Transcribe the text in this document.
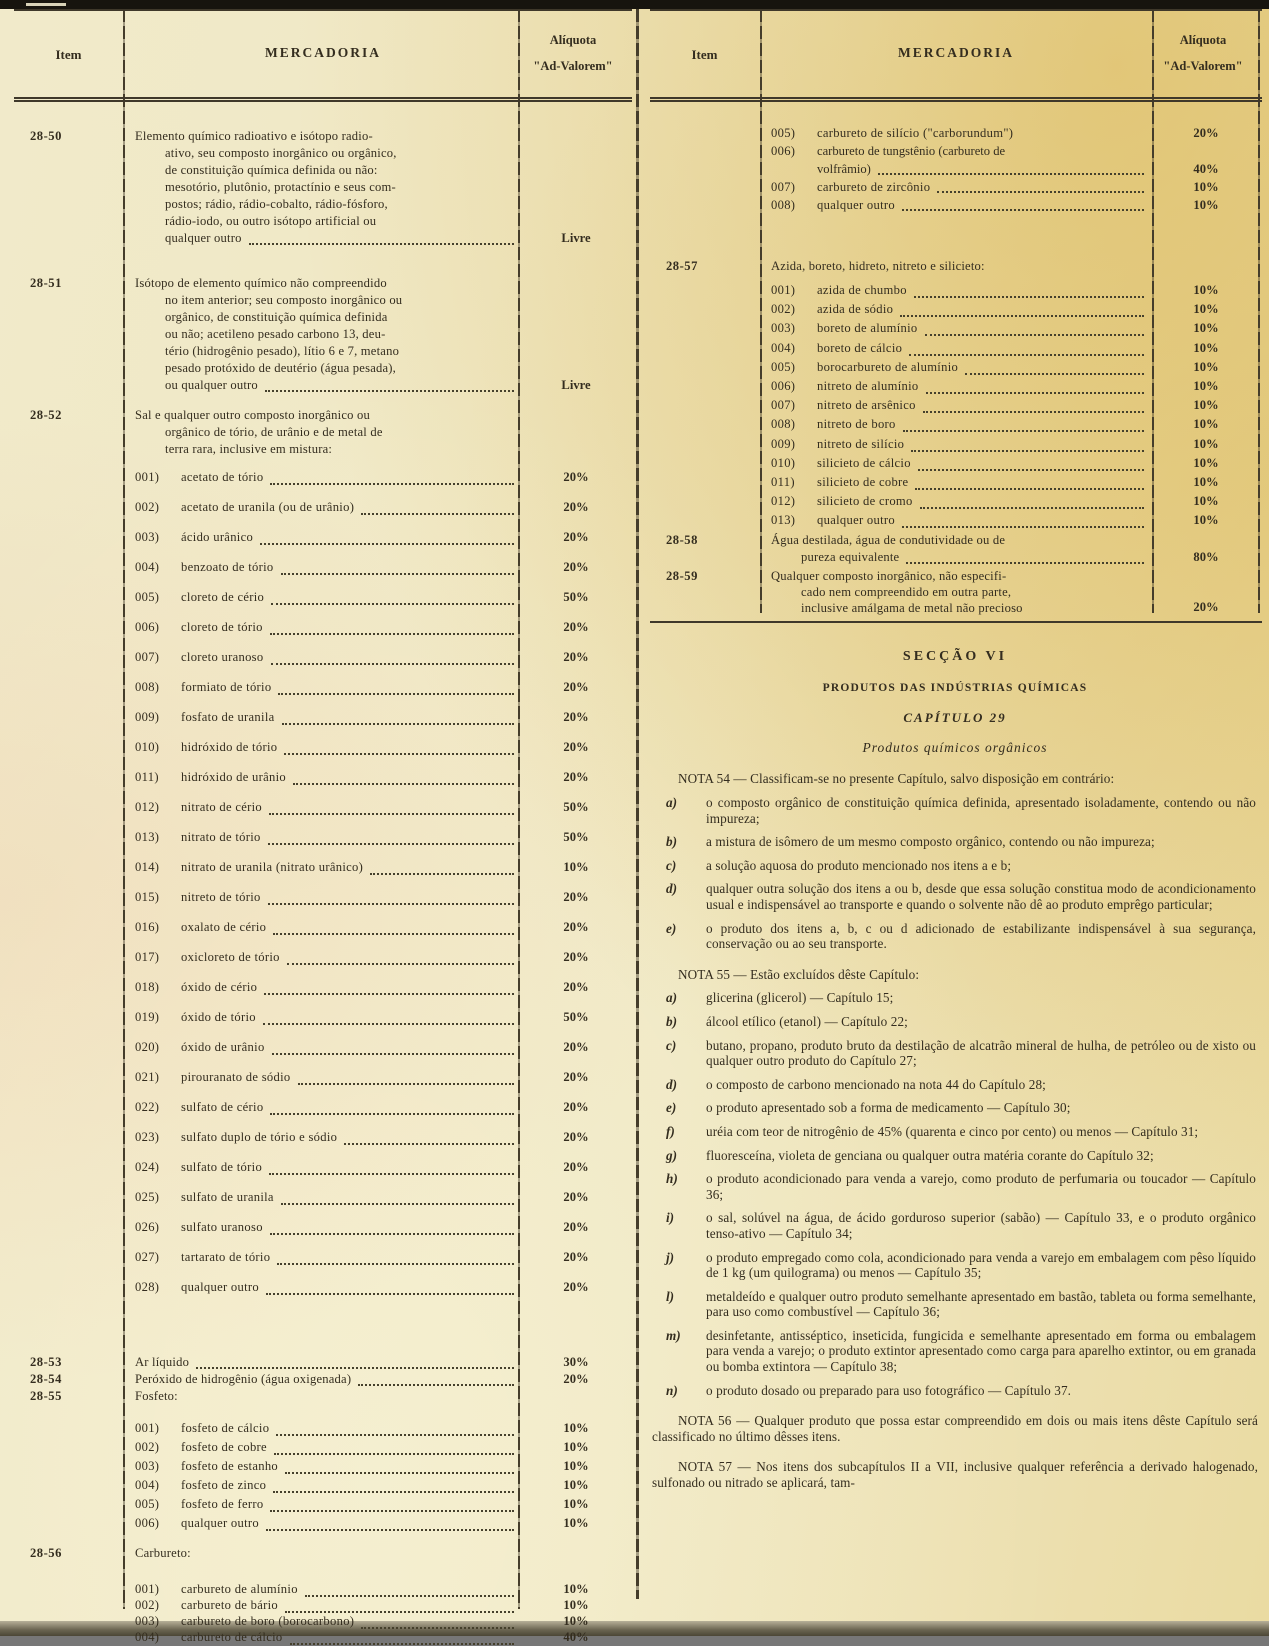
Item	MERCADORIA
Alíquota
"Ad-Valorem"
28-50	Elemento químico radioativo e isótopo radio-
ativo, seu composto inorgânico ou orgânico,
de constituição química definida ou não:
mesotório, plutônio, protactínio e seus com-
postos; rádio, rádio-cobalto, rádio-fósforo,
rádio-iodo, ou outro isótopo artificial ou
qualquer outro	Livre
28-51	Isótopo de elemento químico não compreendido
no item anterior; seu composto inorgânico ou
orgânico, de constituição química definida
ou não; acetileno pesado carbono 13, deu-
tério (hidrogênio pesado), lítio 6 e 7, metano
pesado protóxido de deutério (água pesada),
ou qualquer outro	Livre
28-52	Sal e qualquer outro composto inorgânico ou
orgânico de tório, de urânio e de metal de
terra rara, inclusive em mistura:
001)	acetato de tório	20%
002)	acetato de uranila (ou de urânio)	20%
003)	ácido urânico	20%
004)	benzoato de tório	20%
005)	cloreto de cério	50%
006)	cloreto de tório	20%
007)	cloreto uranoso	20%
008)	formiato de tório	20%
009)	fosfato de uranila	20%
010)	hidróxido de tório	20%
011)	hidróxido de urânio	20%
012)	nitrato de cério	50%
013)	nitrato de tório	50%
014)	nitrato de uranila (nitrato urânico)	10%
015)	nitreto de tório	20%
016)	oxalato de cério	20%
017)	oxicloreto de tório	20%
018)	óxido de cério	20%
019)	óxido de tório	50%
020)	óxido de urânio	20%
021)	pirouranato de sódio	20%
022)	sulfato de cério	20%
023)	sulfato duplo de tório e sódio	20%
024)	sulfato de tório	20%
025)	sulfato de uranila	20%
026)	sulfato uranoso	20%
027)	tartarato de tório	20%
028)	qualquer outro	20%
28-53	Ar líquido	30%
28-54	Peróxido de hidrogênio (água oxigenada)	20%
28-55	Fosfeto:
001)	fosfeto de cálcio	10%
002)	fosfeto de cobre	10%
003)	fosfeto de estanho	10%
004)	fosfeto de zinco	10%
005)	fosfeto de ferro	10%
006)	qualquer outro	10%
28-56	Carbureto:
001)	carbureto de alumínio	10%
002)	carbureto de bário	10%
003)	carbureto de boro (borocarbono)	10%
004)	carbureto de cálcio	40%
Item	MERCADORIA
Alíquota
"Ad-Valorem"
005)	carbureto de silício ("carborundum")	20%
006)	carbureto de tungstênio (carbureto de
volfrâmio)	40%
007)	carbureto de zircônio	10%
008)	qualquer outro	10%
28-57	Azida, boreto, hidreto, nitreto e silicieto:
001)	azida de chumbo	10%
002)	azida de sódio	10%
003)	boreto de alumínio	10%
004)	boreto de cálcio	10%
005)	borocarbureto de alumínio	10%
006)	nitreto de alumínio	10%
007)	nitreto de arsênico	10%
008)	nitreto de boro	10%
009)	nitreto de silício	10%
010)	silicieto de cálcio	10%
011)	silicieto de cobre	10%
012)	silicieto de cromo	10%
013)	qualquer outro	10%
28-58	Água destilada, água de condutividade ou de
pureza equivalente	80%
28-59	Qualquer composto inorgânico, não especifi-
cado nem compreendido em outra parte,
inclusive amálgama de metal não precioso	20%
SECÇÃO VI
PRODUTOS DAS INDÚSTRIAS QUÍMICAS
CAPÍTULO 29
Produtos químicos orgânicos

NOTA 54 — Classificam-se no presente Capítulo, salvo disposição em contrário:

a)	o composto orgânico de constituição química definida, apresentado isoladamente, contendo ou não impureza;
b)	a mistura de isômero de um mesmo composto orgânico, contendo ou não impureza;
c)	a solução aquosa do produto mencionado nos itens a e b;
d)	qualquer outra solução dos itens a ou b, desde que essa solução constitua modo de acondicionamento usual e indispensável ao transporte e quando o solvente não dê ao produto emprêgo particular;
e)	o produto dos itens a, b, c ou d adicionado de estabilizante indispensável à sua segurança, conservação ou ao seu transporte.

NOTA 55 — Estão excluídos dêste Capítulo:

a)	glicerina (glicerol) — Capítulo 15;
b)	álcool etílico (etanol) — Capítulo 22;
c)	butano, propano, produto bruto da destilação de alcatrão mineral de hulha, de petróleo ou de xisto ou qualquer outro produto do Capítulo 27;
d)	o composto de carbono mencionado na nota 44 do Capítulo 28;
e)	o produto apresentado sob a forma de medicamento — Capítulo 30;
f)	uréia com teor de nitrogênio de 45% (quarenta e cinco por cento) ou menos — Capítulo 31;
g)	fluoresceína, violeta de genciana ou qualquer outra matéria corante do Capítulo 32;
h)	o produto acondicionado para venda a varejo, como produto de perfumaria ou toucador — Capítulo 36;
i)	o sal, solúvel na água, de ácido gorduroso superior (sabão) — Capítulo 33, e o produto orgânico tenso-ativo — Capítulo 34;
j)	o produto empregado como cola, acondicionado para venda a varejo em embalagem com pêso líquido de 1 kg (um quilograma) ou menos — Capítulo 35;
l)	metaldeído e qualquer outro produto semelhante apresentado em bastão, tableta ou forma semelhante, para uso como combustível — Capítulo 36;
m)	desinfetante, antisséptico, inseticida, fungicida e semelhante apresentado em forma ou embalagem para venda a varejo; o produto extintor apresentado como carga para aparelho extintor, ou em granada ou bomba extintora — Capítulo 38;
n)	o produto dosado ou preparado para uso fotográfico — Capítulo 37.

NOTA 56 — Qualquer produto que possa estar compreendido em dois ou mais itens dêste Capítulo será classificado no último dêsses itens.

NOTA 57 — Nos itens dos subcapítulos II a VII, inclusive qualquer referência a derivado halogenado, sulfonado ou nitrado se aplicará, tam-
